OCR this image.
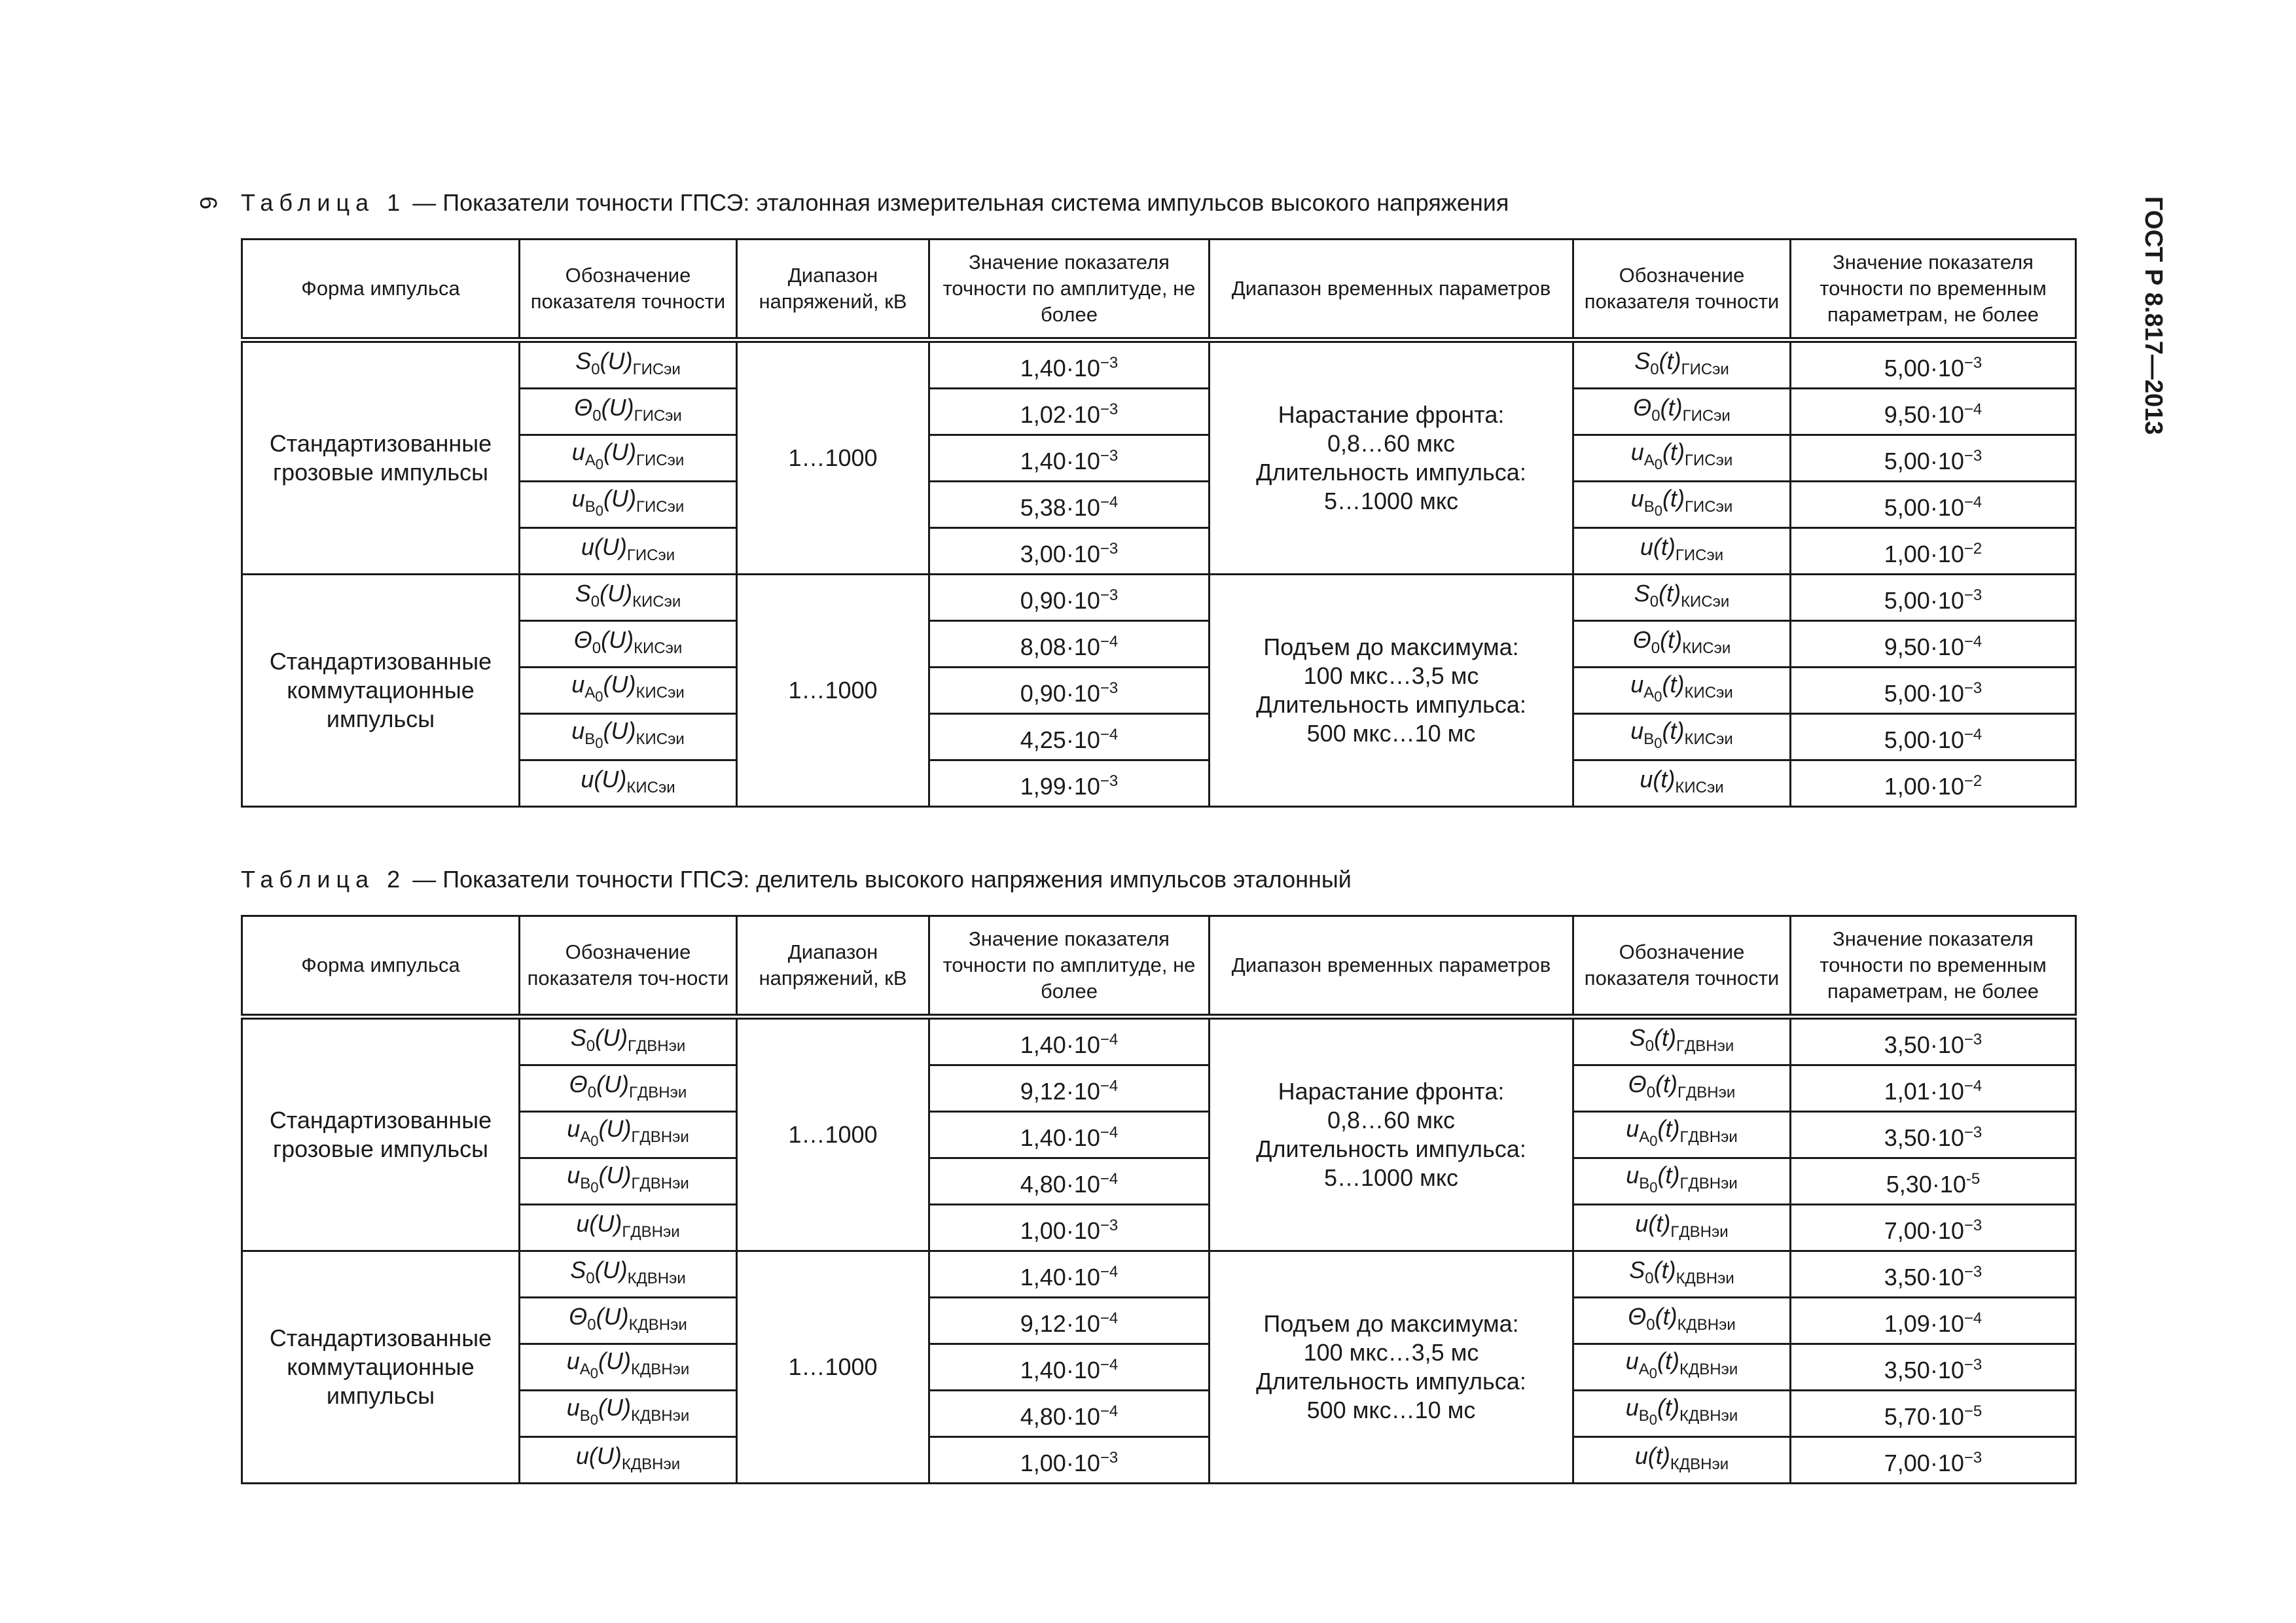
6	ГОСТ Р 8.817—2013
Таблица 1 — Показатели точности ГПСЭ: эталонная измерительная система импульсов высокого напряжения
Форма импульса	Обозначение показателя точности	Диапазон напряжений, кВ	Значение показателя точности по амплитуде, не более	Диапазон временных параметров	Обозначение показателя точности	Значение показателя точности по временным параметрам, не более
Стандартизованные грозовые импульсы	$S_0(U)^Г_{ИСэи}$	1…1000	$1,40\cdot 10^{-3}$	Нарастание фронта:
0,8…60 мкс
Длительность импульса:
5…1000 мкс	$S_0(t)^Г_{ИСэи}$	$5,00\cdot 10^{-3}$
	$\Theta_0(U)^Г_{ИСэи}$		$1,02\cdot 10^{-3}$		$\Theta_0(t)^Г_{ИСэи}$	$9,50\cdot 10^{-4}$
	$u_{A_0}(U)^Г_{ИСэи}$		$1,40\cdot 10^{-3}$		$u_{A_0}(t)^Г_{ИСэи}$	$5,00\cdot 10^{-3}$
	$u_{B_0}(U)^Г_{ИСэи}$		$5,38\cdot 10^{-4}$		$u_{B_0}(t)^Г_{ИСэи}$	$5,00\cdot 10^{-4}$
	$u(U)^Г_{ИСэи}$		$3,00\cdot 10^{-3}$		$u(t)^Г_{ИСэи}$	$1,00\cdot 10^{-2}$
Стандартизованные коммутационные импульсы	$S_0(U)^К_{ИСэи}$	1…1000	$0,90\cdot 10^{-3}$	Подъем до максимума:
100 мкс…3,5 мс
Длительность импульса:
500 мкс…10 мс	$S_0(t)^К_{ИСэи}$	$5,00\cdot 10^{-3}$
	$\Theta_0(U)^К_{ИСэи}$		$8,08\cdot 10^{-4}$		$\Theta_0(t)^К_{ИСэи}$	$9,50\cdot 10^{-4}$
	$u_{A_0}(U)^К_{ИСэи}$		$0,90\cdot 10^{-3}$		$u_{A_0}(t)^К_{ИСэи}$	$5,00\cdot 10^{-3}$
	$u_{B_0}(U)^К_{ИСэи}$		$4,25\cdot 10^{-4}$		$u_{B_0}(t)^К_{ИСэи}$	$5,00\cdot 10^{-4}$
	$u(U)^К_{ИСэи}$		$1,99\cdot 10^{-3}$		$u(t)^К_{ИСэи}$	$1,00\cdot 10^{-2}$
Таблица 2 — Показатели точности ГПСЭ: делитель высокого напряжения импульсов эталонный
Форма импульса	Обозначение показателя точ-ности	Диапазон напряжений, кВ	Значение показателя точности по амплитуде, не более	Диапазон временных параметров	Обозначение показателя точности	Значение показателя точности по временным параметрам, не более
Стандартизованные грозовые импульсы	$S_0(U)^Г_{ДВНэи}$	1…1000	$1,40\cdot 10^{-4}$	Нарастание фронта:
0,8…60 мкс
Длительность импульса:
5…1000 мкс	$S_0(t)^Г_{ДВНэи}$	$3,50\cdot 10^{-3}$
	$\Theta_0(U)^Г_{ДВНэи}$		$9,12\cdot 10^{-4}$		$\Theta_0(t)^Г_{ДВНэи}$	$1,01\cdot 10^{-4}$
	$u_{A_0}(U)^Г_{ДВНэи}$		$1,40\cdot 10^{-4}$		$u_{A_0}(t)^Г_{ДВНэи}$	$3,50\cdot 10^{-3}$
	$u_{B_0}(U)^Г_{ДВНэи}$		$4,80\cdot 10^{-4}$		$u_{B_0}(t)^Г_{ДВНэи}$	$5,30\cdot 10^{-5}$
	$u(U)^Г_{ДВНэи}$		$1,00\cdot 10^{-3}$		$u(t)^Г_{ДВНэи}$	$7,00\cdot 10^{-3}$
Стандартизованные коммутационные импульсы	$S_0(U)^К_{ДВНэи}$	1…1000	$1,40\cdot 10^{-4}$	Подъем до максимума:
100 мкс…3,5 мс
Длительность импульса:
500 мкс…10 мс	$S_0(t)^К_{ДВНэи}$	$3,50\cdot 10^{-3}$
	$\Theta_0(U)^К_{ДВНэи}$		$9,12\cdot 10^{-4}$		$\Theta_0(t)^К_{ДВНэи}$	$1,09\cdot 10^{-4}$
	$u_{A_0}(U)^К_{ДВНэи}$		$1,40\cdot 10^{-4}$		$u_{A_0}(t)^К_{ДВНэи}$	$3,50\cdot 10^{-3}$
	$u_{B_0}(U)^К_{ДВНэи}$		$4,80\cdot 10^{-4}$		$u_{B_0}(t)^К_{ДВНэи}$	$5,70\cdot 10^{-5}$
	$u(U)^К_{ДВНэи}$		$1,00\cdot 10^{-3}$		$u(t)^К_{ДВНэи}$	$7,00\cdot 10^{-3}$
